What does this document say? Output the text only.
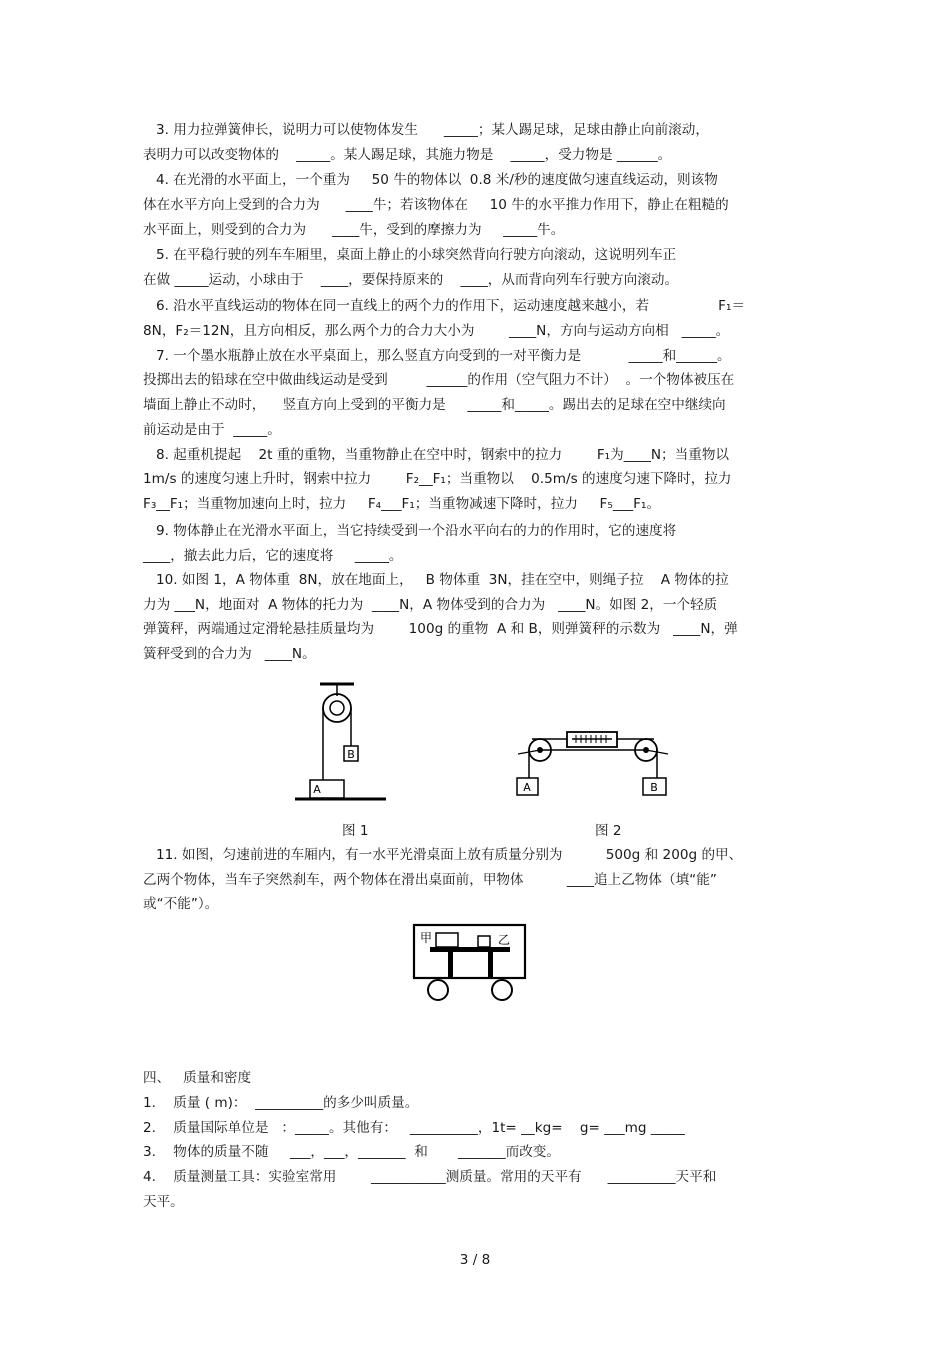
3. 用力拉弹簧伸长，说明力可以使物体发生      _____；某人踢足球，足球由静止向前滚动，
表明力可以改变物体的    _____。某人踢足球，其施力物是    _____，受力物是 ______。
4. 在光滑的水平面上，一个重为     50 牛的物体以  0.8 米/秒的速度做匀速直线运动，则该物
体在水平方向上受到的合力为      ____牛；若该物体在     10 牛的水平推力作用下，静止在粗糙的
水平面上，则受到的合力为      ____牛，受到的摩擦力为     _____牛。
5. 在平稳行驶的列车车厢里，桌面上静止的小球突然背向行驶方向滚动，这说明列车正
在做 _____运动，小球由于    ____，要保持原来的    ____，从而背向列车行驶方向滚动。
6. 沿水平直线运动的物体在同一直线上的两个力的作用下，运动速度越来越小，若                F₁＝
8N，F₂＝12N，且方向相反，那么两个力的合力大小为        ____N，方向与运动方向相   _____。
7. 一个墨水瓶静止放在水平桌面上，那么竖直方向受到的一对平衡力是           _____和______。
投掷出去的铅球在空中做曲线运动是受到         ______的作用（空气阻力不计）  。一个物体被压在
墙面上静止不动时，    竖直方向上受到的平衡力是     _____和_____。踢出去的足球在空中继续向
前运动是由于  _____。
8. 起重机提起    2t 重的重物，当重物静止在空中时，钢索中的拉力        F₁为____N；当重物以
1m/s 的速度匀速上升时，钢索中拉力        F₂__F₁；当重物以    0.5m/s 的速度匀速下降时，拉力
F₃__F₁；当重物加速向上时，拉力     F₄___F₁；当重物减速下降时，拉力     F₅___F₁。
9. 物体静止在光滑水平面上，当它持续受到一个沿水平向右的力的作用时，它的速度将
____，撤去此力后，它的速度将     _____。
10. 如图 1，A 物体重  8N，放在地面上，   B 物体重  3N，挂在空中，则绳子拉    A 物体的拉
力为 ___N，地面对  A 物体的托力为  ____N，A 物体受到的合力为   ____N。如图 2，一个轻质
弹簧秤，两端通过定滑轮悬挂质量均为        100g 的重物  A 和 B，则弹簧秤的示数为   ____N，弹
簧秤受到的合力为   ____N。
B
A
图 1
A	B
图 2
11. 如图，匀速前进的车厢内，有一水平光滑桌面上放有质量分别为          500g 和 200g 的甲、
乙两个物体，当车子突然刹车，两个物体在滑出桌面前，甲物体          ____追上乙物体（填“能”
或“不能”）。
甲	乙
四、   质量和密度
1.    质量 ( m)：  __________的多少叫质量。
2.    质量国际单位是   ：_____。其他有：   __________，1t= __kg=    g= ___mg _____
3.    物体的质量不随     ___，___，_______  和       _______而改变。
4.    质量测量工具：实验室常用        ___________测质量。常用的天平有      __________天平和
天平。
3 / 8
